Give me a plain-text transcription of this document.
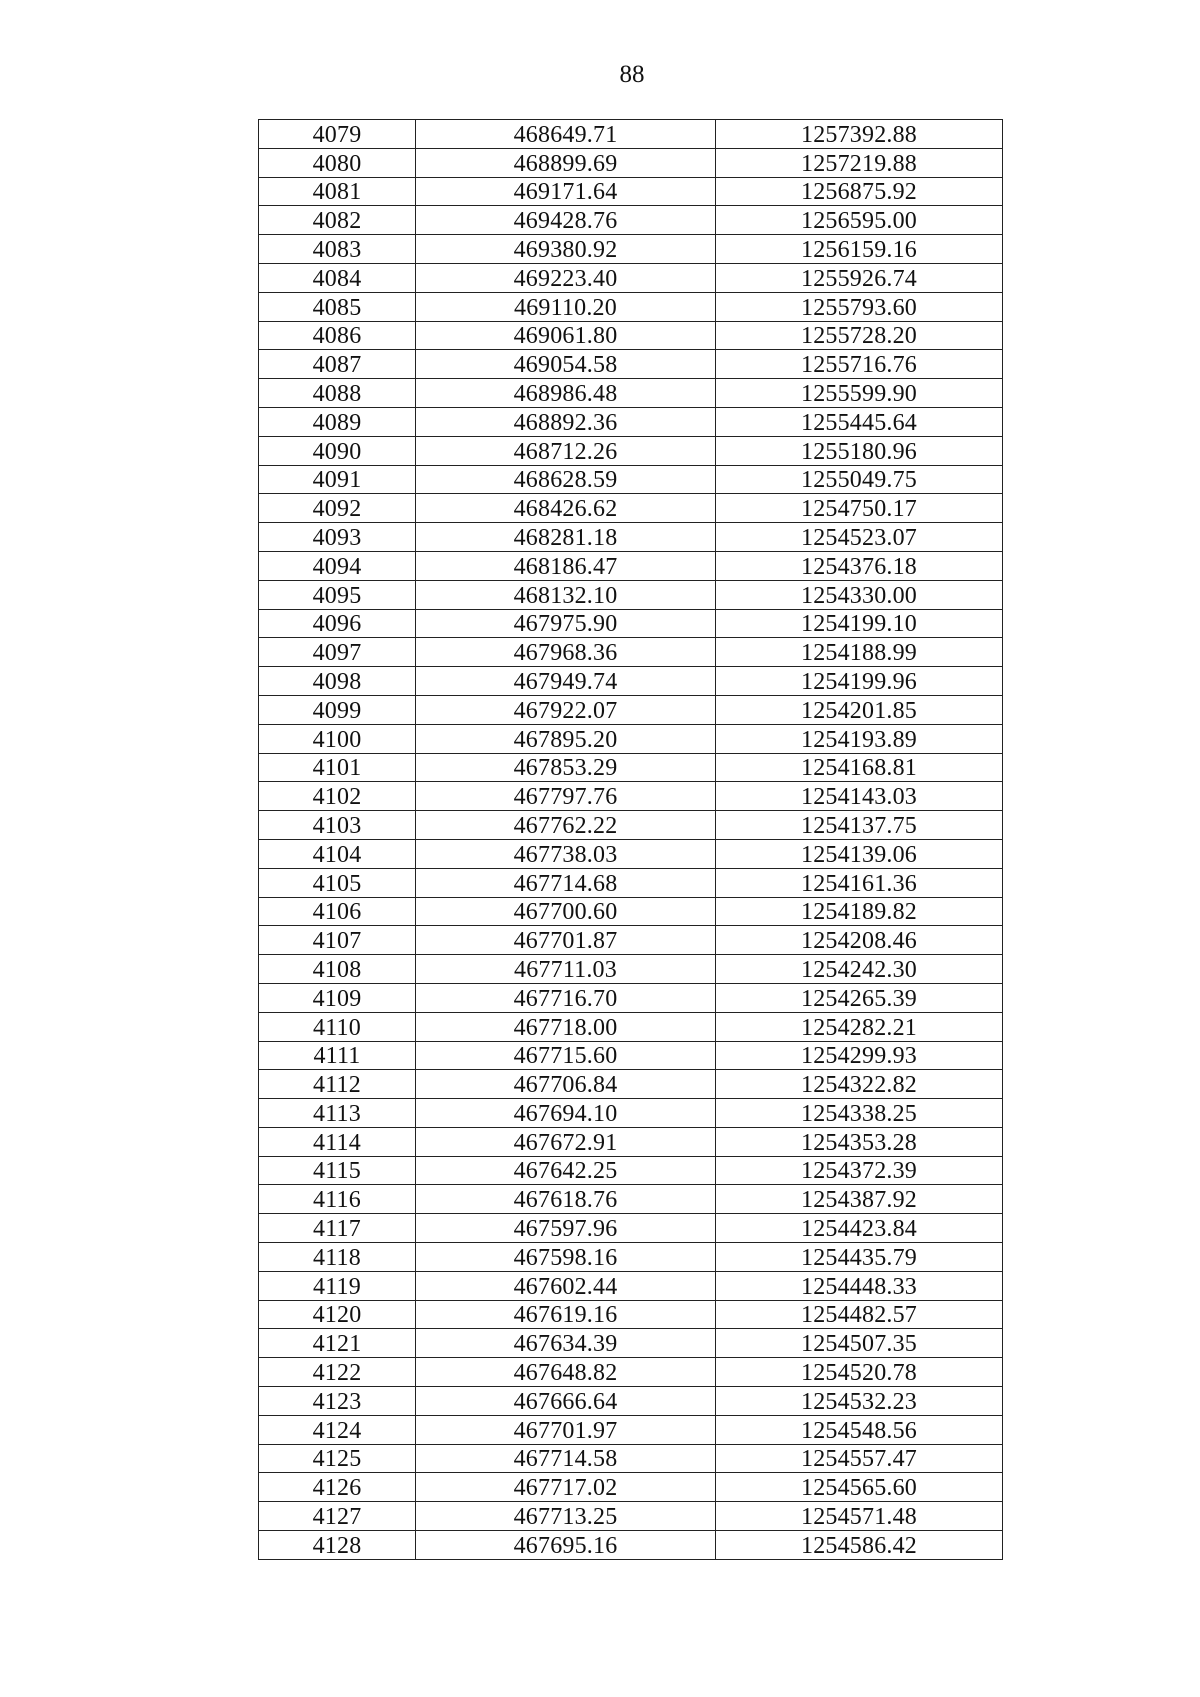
88
4079	468649.71	1257392.88
4080	468899.69	1257219.88
4081	469171.64	1256875.92
4082	469428.76	1256595.00
4083	469380.92	1256159.16
4084	469223.40	1255926.74
4085	469110.20	1255793.60
4086	469061.80	1255728.20
4087	469054.58	1255716.76
4088	468986.48	1255599.90
4089	468892.36	1255445.64
4090	468712.26	1255180.96
4091	468628.59	1255049.75
4092	468426.62	1254750.17
4093	468281.18	1254523.07
4094	468186.47	1254376.18
4095	468132.10	1254330.00
4096	467975.90	1254199.10
4097	467968.36	1254188.99
4098	467949.74	1254199.96
4099	467922.07	1254201.85
4100	467895.20	1254193.89
4101	467853.29	1254168.81
4102	467797.76	1254143.03
4103	467762.22	1254137.75
4104	467738.03	1254139.06
4105	467714.68	1254161.36
4106	467700.60	1254189.82
4107	467701.87	1254208.46
4108	467711.03	1254242.30
4109	467716.70	1254265.39
4110	467718.00	1254282.21
4111	467715.60	1254299.93
4112	467706.84	1254322.82
4113	467694.10	1254338.25
4114	467672.91	1254353.28
4115	467642.25	1254372.39
4116	467618.76	1254387.92
4117	467597.96	1254423.84
4118	467598.16	1254435.79
4119	467602.44	1254448.33
4120	467619.16	1254482.57
4121	467634.39	1254507.35
4122	467648.82	1254520.78
4123	467666.64	1254532.23
4124	467701.97	1254548.56
4125	467714.58	1254557.47
4126	467717.02	1254565.60
4127	467713.25	1254571.48
4128	467695.16	1254586.42
